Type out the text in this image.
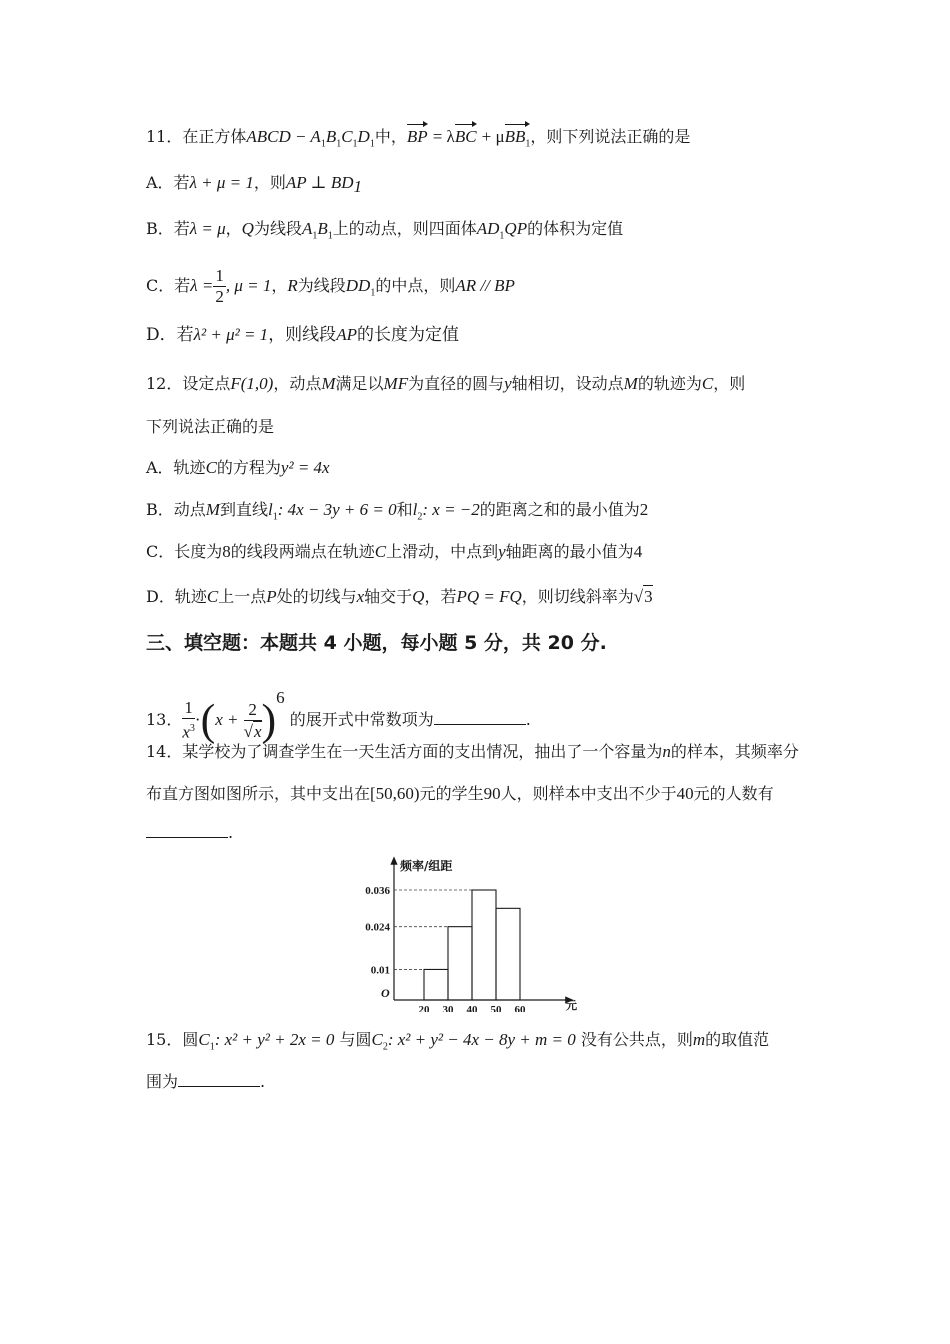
11．在正方体ABCD − $A_1B_1C_1D_1$中，BP = λBC + μBB$_1$，则下列说法正确的是
A．若λ + μ = 1，则AP ⊥ $BD_1$
B．若λ = μ，Q为线段$A_1B_1$上的动点，则四面体$AD_1QP$的体积为定值
C．若$\lambda = \frac{1}{2}$ , μ = 1，R为线段$DD_1$的中点，则AR // BP
D．若λ² + μ² = 1，则线段AP的长度为定值
12．设定点F(1,0)，动点M满足以MF为直径的圆与y轴相切，设动点M的轨迹为C，则
下列说法正确的是
A．轨迹C的方程为y² = 4x
B．动点M到直线$l_1$: 4x − 3y + 6 = 0和$l_2$: x = −2的距离之和的最小值为2
C．长度为8的线段两端点在轨迹C上滑动，中点到y轴距离的最小值为4
D．轨迹C上一点P处的切线与x轴交于Q，若PQ = FQ，则切线斜率为√3
三、填空题：本题共 4 小题，每小题 5 分，共 20 分.
13． $\frac{1}{x^3} \cdot(x + \frac{2}{√x} )^6$ 的展开式中常数项为	.
14．某学校为了调查学生在一天生活方面的支出情况，抽出了一个容量为n的样本，其频率分
布直方图如图所示，其中支出在[50,60)元的学生90人，则样本中支出不少于40元的人数有
.
频率/组距
元
O
0.036
0.024
0.01
20 30 40 50 60
15．圆$C_1$: x² + y² + 2x = 0 与圆$C_2$: x² + y² − 4x − 8y + m = 0 没有公共点，则m的取值范
围为	.
